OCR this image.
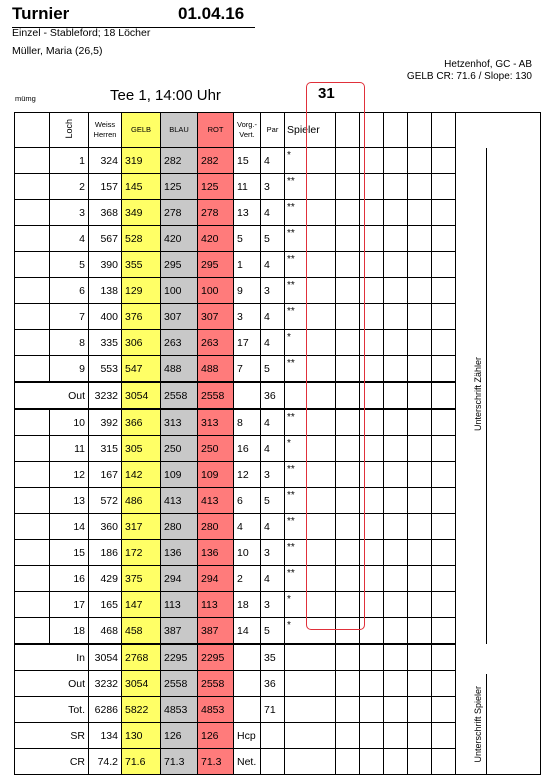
Turnier	01.04.16
Einzel - Stableford; 18 Löcher
Müller, Maria (26,5)
Hetzenhof, GC - AB
GELB CR: 71.6 / Slope: 130
mümg	Tee 1, 14:00 Uhr	31
	Loch	Weiss Herren	GELB	BLAU	ROT	Vorg.- Vert.	Par	Spieler						
	1	324	319	282	282	15	4	*						Unterschrift Zähler

	2	157	145	125	125	11	3	**						
	3	368	349	278	278	13	4	**						
	4	567	528	420	420	5	5	**						
	5	390	355	295	295	1	4	**						
	6	138	129	100	100	9	3	**						
	7	400	376	307	307	3	4	**						
	8	335	306	263	263	17	4	*						
	9	553	547	488	488	7	5	**						
Out		3232	3054	2558	2558		36							
	10	392	366	313	313	8	4	**						
	11	315	305	250	250	16	4	*						
	12	167	142	109	109	12	3	**						
	13	572	486	413	413	6	5	**						
	14	360	317	280	280	4	4	**						
	15	186	172	136	136	10	3	**						
	16	429	375	294	294	2	4	**						
	17	165	147	113	113	18	3	*						
	18	468	458	387	387	14	5	*						
In		3054	2768	2295	2295		35							Unterschrift Spieler

Out		3232	3054	2558	2558		36							
Tot.		6286	5822	4853	4853		71							
SR		134	130	126	126	Hcp								
CR		74.2	71.6	71.3	71.3	Net.								
